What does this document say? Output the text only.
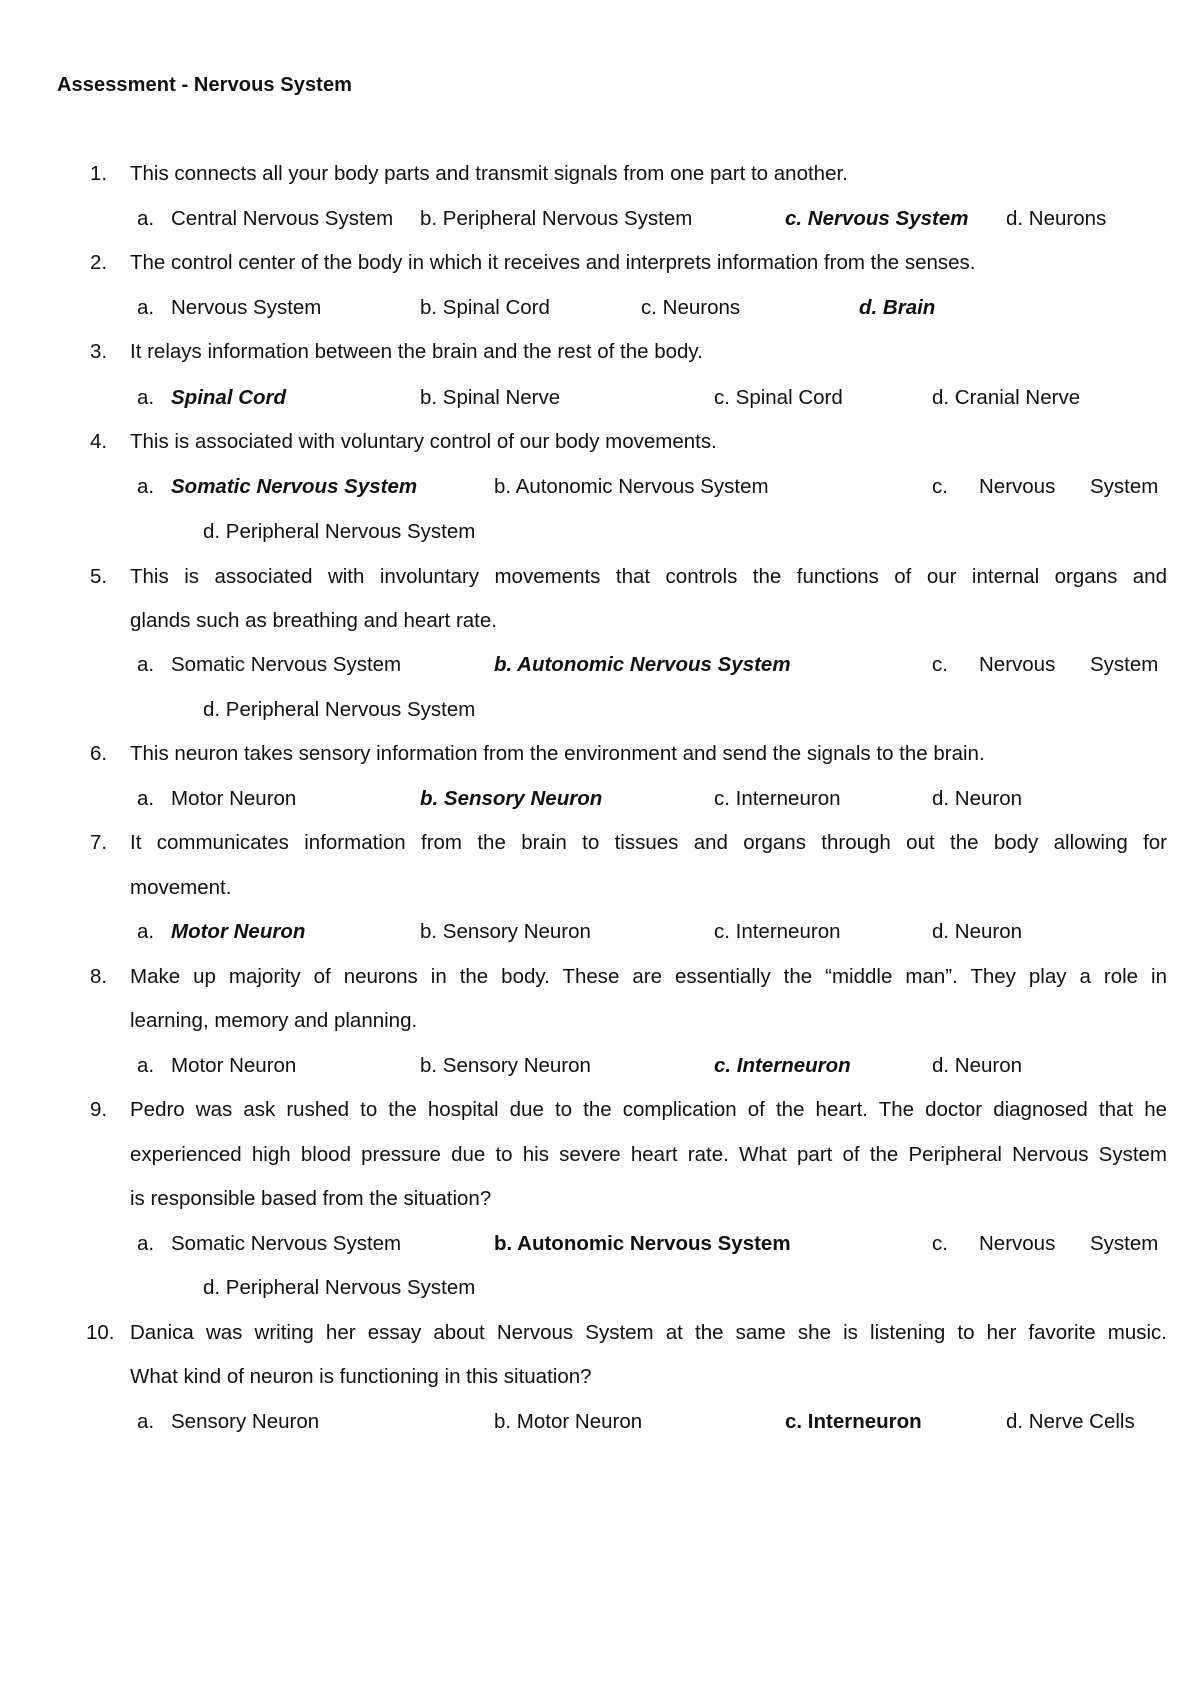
Assessment - Nervous System
1.	This connects all your body parts and transmit signals from one part to another.
a. Central Nervous System b. Peripheral Nervous System	c. Nervous System d. Neurons
2.	The control center of the body in which it receives and interprets information from the senses.
a. Nervous System	b. Spinal Cord	c. Neurons	d. Brain
3.	It relays information between the brain and the rest of the body.
a. Spinal Cord	b. Spinal Nerve	c. Spinal Cord	d. Cranial Nerve
4.	This is associated with voluntary control of our body movements.
a. Somatic Nervous System	b. Autonomic Nervous System	c. Nervous System
d. Peripheral Nervous System
5.	This is associated with involuntary movements that controls the functions of our internal organs and
glands such as breathing and heart rate.
a. Somatic Nervous System	b. Autonomic Nervous System	c. Nervous System
d. Peripheral Nervous System
6.	This neuron takes sensory information from the environment and send the signals to the brain.
a. Motor Neuron	b. Sensory Neuron	c. Interneuron	d. Neuron
7.	It communicates information from the brain to tissues and organs through out the body allowing for
movement.
a. Motor Neuron	b. Sensory Neuron	c. Interneuron	d. Neuron
8.	Make up majority of neurons in the body. These are essentially the “middle man”. They play a role in
learning, memory and planning.
a. Motor Neuron	b. Sensory Neuron	c. Interneuron	d. Neuron
9.	Pedro was ask rushed to the hospital due to the complication of the heart. The doctor diagnosed that he
experienced high blood pressure due to his severe heart rate. What part of the Peripheral Nervous System
is responsible based from the situation?
a. Somatic Nervous System	b. Autonomic Nervous System	c. Nervous System
d. Peripheral Nervous System
10. Danica was writing her essay about Nervous System at the same she is listening to her favorite music.
What kind of neuron is functioning in this situation?
a. Sensory Neuron	b. Motor Neuron	c. Interneuron	d. Nerve Cells
